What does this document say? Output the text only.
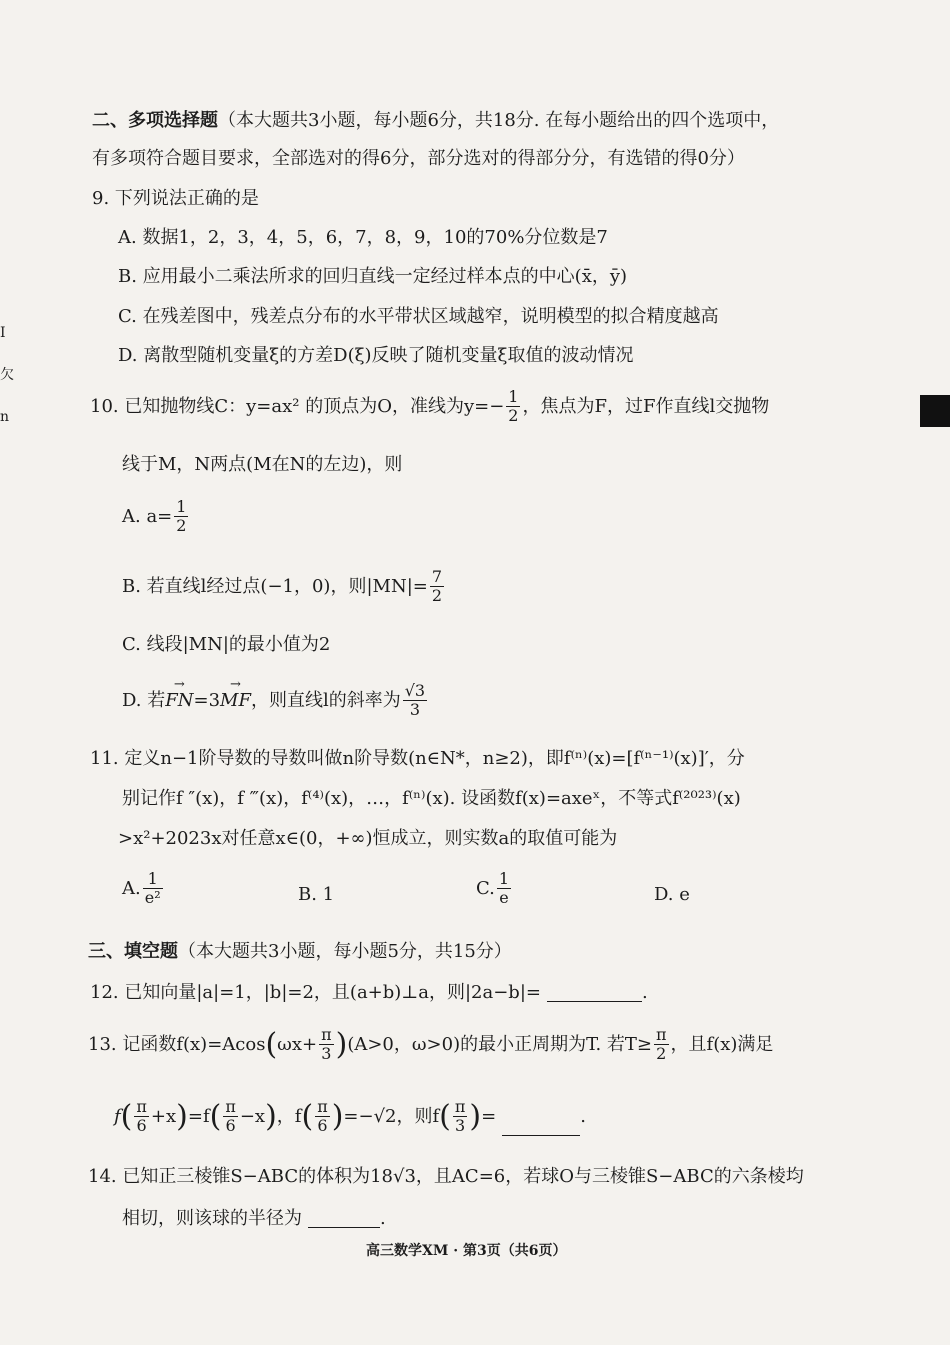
I
欠
n
二、多项选择题（本大题共3小题，每小题6分，共18分. 在每小题给出的四个选项中，
有多项符合题目要求，全部选对的得6分，部分选对的得部分分，有选错的得0分）
9. 下列说法正确的是
A. 数据1，2，3，4，5，6，7，8，9，10的70%分位数是7
B. 应用最小二乘法所求的回归直线一定经过样本点的中心(x̄，ȳ)
C. 在残差图中，残差点分布的水平带状区域越窄，说明模型的拟合精度越高
D. 离散型随机变量ξ的方差D(ξ)反映了随机变量ξ取值的波动情况
10. 已知抛物线C：y=ax² 的顶点为O，准线为$y=- \frac{1}{2}$ ，焦点为F，过F作直线l交抛物
线于M，N两点(M在N的左边)，则
A. $a= \frac{1}{2}$
B. 若直线l经过点(−1，0)，则$|MN|= \frac{7}{2}$
C. 线段|MN|的最小值为2
D. 若→ FN=3→ MF，则直线l的斜率为 $\frac{√3}{3}$
11. 定义n−1阶导数的导数叫做n阶导数(n∈N*，n≥2)，即f⁽ⁿ⁾(x)=[f⁽ⁿ⁻¹⁾(x)]′，分
别记作f ″(x)，f ‴(x)，f⁽⁴⁾(x)，…，f⁽ⁿ⁾(x). 设函数f(x)=axeˣ，不等式f⁽²⁰²³⁾(x)
>x²+2023x对任意x∈(0，+∞)恒成立，则实数a的取值可能为
A. $\frac{1}{\text{e²}}$	B. 1	C. $\frac{1}{e}$	D. e
三、填空题（本大题共3小题，每小题5分，共15分）
12. 已知向量|a|=1，|b|=2，且(a+b)⊥a，则|2a−b|=	.
13. 记函数$f(x)=Acos(\omega x+ \frac{\pi}{3} )(A>0$，ω>0)的最小正周期为T. 若$T\ge \frac{\pi}{2}$ ，且f(x)满足
$f( \frac{\pi}{6} +x)=f( \frac{\pi}{6} -x)$，$f( \frac{\pi}{6} )=-√2$，则$f( \frac{\pi}{3}$ )=	.
14. 已知正三棱锥S−ABC的体积为18√3，且AC=6，若球O与三棱锥S−ABC的六条棱均
相切，则该球的半径为	.
高三数学XM · 第3页（共6页）
